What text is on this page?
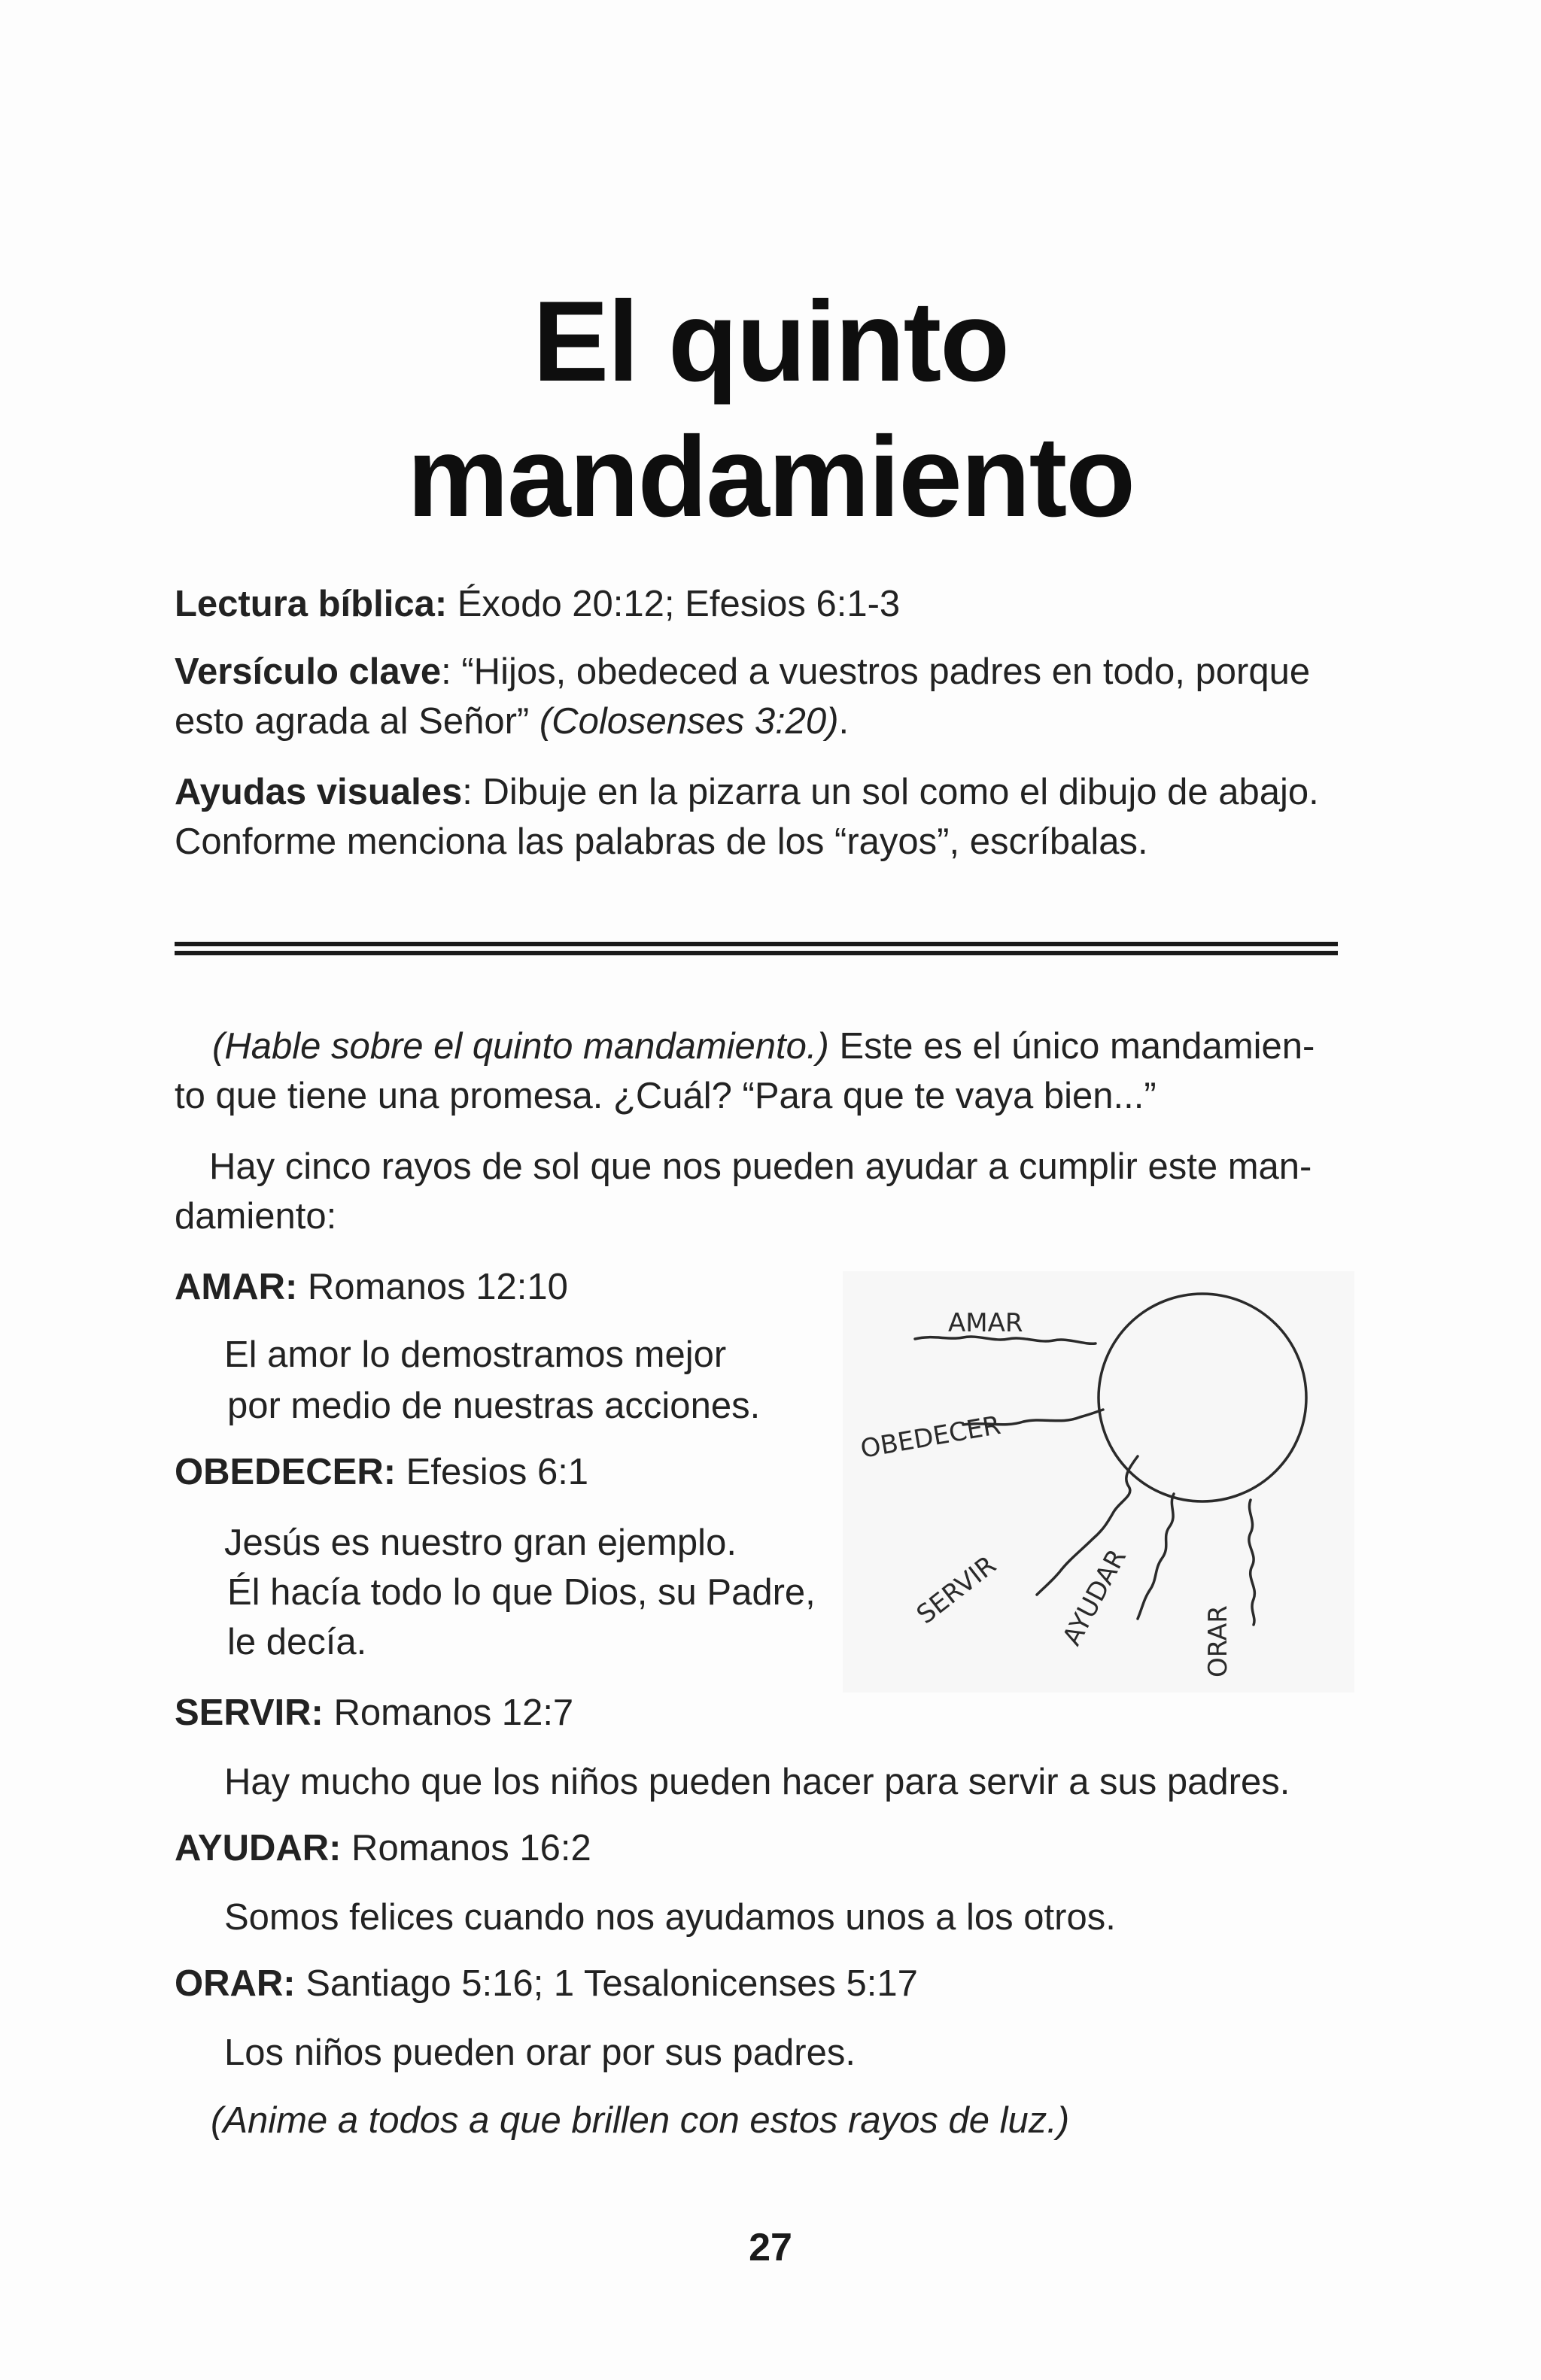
El quinto
mandamiento
Lectura bíblica: Éxodo 20:12; Efesios 6:1-3
Versículo clave: “Hijos, obedeced a vuestros padres en todo, porque
esto agrada al Señor” (Colosenses 3:20).
Ayudas visuales: Dibuje en la pizarra un sol como el dibujo de abajo.
Conforme menciona las palabras de los “rayos”, escríbalas.
(Hable sobre el quinto mandamiento.) Este es el único mandamien-
to que tiene una promesa. ¿Cuál? “Para que te vaya bien...”
Hay cinco rayos de sol que nos pueden ayudar a cumplir este man-
damiento:
AMAR: Romanos 12:10
El amor lo demostramos mejor
por medio de nuestras acciones.
OBEDECER: Efesios 6:1
Jesús es nuestro gran ejemplo.
Él hacía todo lo que Dios, su Padre,
le decía.
SERVIR: Romanos 12:7
Hay mucho que los niños pueden hacer para servir a sus padres.
AYUDAR: Romanos 16:2
Somos felices cuando nos ayudamos unos a los otros.
ORAR: Santiago 5:16; 1 Tesalonicenses 5:17
Los niños pueden orar por sus padres.
(Anime a todos a que brillen con estos rayos de luz.)
AMAR
OBEDECER
SERVIR AYUDAR	ORAR
27
